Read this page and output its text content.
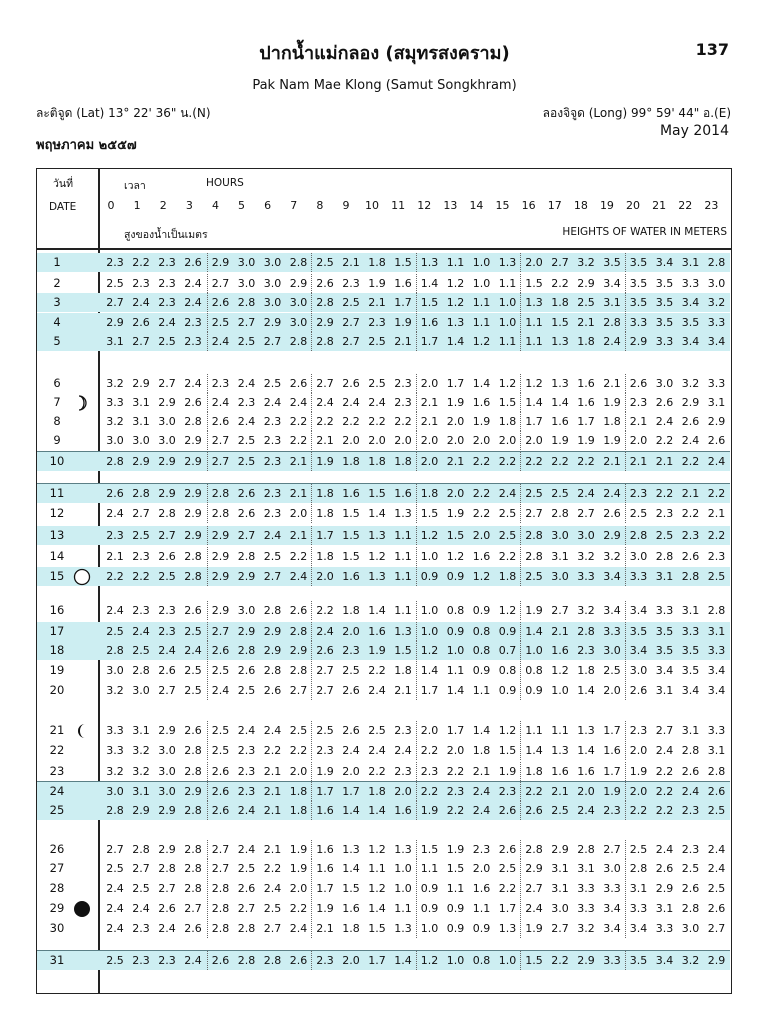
ปากน้ำแม่กลอง (สมุทรสงคราม)	137
Pak Nam Mae Klong (Samut Songkhram)
ละติจูด (Lat) 13° 22' 36" น.(N)	ลองจิจูด (Long) 99° 59' 44" อ.(E)
May 2014
พฤษภาคม ๒๕๕๗
วันที่
DATE
เวลา	HOURS
0	1	2	3	4	5	6	7	8	9	10	11	12	13	14	15	16	17	18	19	20	21	22	23
สูงของน้ำเป็นเมตร	HEIGHTS OF WATER IN METERS
1	2.3 2.2 2.3 2.6 2.9 3.0 3.0 2.8 2.5 2.1 1.8 1.5 1.3 1.1 1.0 1.3 2.0 2.7 3.2 3.5 3.5 3.4 3.1 2.8
2	2.5 2.3 2.3 2.4 2.7 3.0 3.0 2.9 2.6 2.3 1.9 1.6 1.4 1.2 1.0 1.1 1.5 2.2 2.9 3.4 3.5 3.5 3.3 3.0
3	2.7 2.4 2.3 2.4 2.6 2.8 3.0 3.0 2.8 2.5 2.1 1.7 1.5 1.2 1.1 1.0 1.3 1.8 2.5 3.1 3.5 3.5 3.4 3.2
4	2.9 2.6 2.4 2.3 2.5 2.7 2.9 3.0 2.9 2.7 2.3 1.9 1.6 1.3 1.1 1.0 1.1 1.5 2.1 2.8 3.3 3.5 3.5 3.3
5	3.1 2.7 2.5 2.3 2.4 2.5 2.7 2.8 2.8 2.7 2.5 2.1 1.7 1.4 1.2 1.1 1.1 1.3 1.8 2.4 2.9 3.3 3.4 3.4
6	3.2 2.9 2.7 2.4 2.3 2.4 2.5 2.6 2.7 2.6 2.5 2.3 2.0 1.7 1.4 1.2 1.2 1.3 1.6 2.1 2.6 3.0 3.2 3.3
7	3.3 3.1 2.9 2.6 2.4 2.3 2.4 2.4 2.4 2.4 2.4 2.3 2.1 1.9 1.6 1.5 1.4 1.4 1.6 1.9 2.3 2.6 2.9 3.1
8	3.2 3.1 3.0 2.8 2.6 2.4 2.3 2.2 2.2 2.2 2.2 2.2 2.1 2.0 1.9 1.8 1.7 1.6 1.7 1.8 2.1 2.4 2.6 2.9
9	3.0 3.0 3.0 2.9 2.7 2.5 2.3 2.2 2.1 2.0 2.0 2.0 2.0 2.0 2.0 2.0 2.0 1.9 1.9 1.9 2.0 2.2 2.4 2.6
10	2.8 2.9 2.9 2.9 2.7 2.5 2.3 2.1 1.9 1.8 1.8 1.8 2.0 2.1 2.2 2.2 2.2 2.2 2.2 2.1 2.1 2.1 2.2 2.4
11	2.6 2.8 2.9 2.9 2.8 2.6 2.3 2.1 1.8 1.6 1.5 1.6 1.8 2.0 2.2 2.4 2.5 2.5 2.4 2.4 2.3 2.2 2.1 2.2
12	2.4 2.7 2.8 2.9 2.8 2.6 2.3 2.0 1.8 1.5 1.4 1.3 1.5 1.9 2.2 2.5 2.7 2.8 2.7 2.6 2.5 2.3 2.2 2.1
13	2.3 2.5 2.7 2.9 2.9 2.7 2.4 2.1 1.7 1.5 1.3 1.1 1.2 1.5 2.0 2.5 2.8 3.0 3.0 2.9 2.8 2.5 2.3 2.2
14	2.1 2.3 2.6 2.8 2.9 2.8 2.5 2.2 1.8 1.5 1.2 1.1 1.0 1.2 1.6 2.2 2.8 3.1 3.2 3.2 3.0 2.8 2.6 2.3
15	2.2 2.2 2.5 2.8 2.9 2.9 2.7 2.4 2.0 1.6 1.3 1.1 0.9 0.9 1.2 1.8 2.5 3.0 3.3 3.4 3.3 3.1 2.8 2.5
16	2.4 2.3 2.3 2.6 2.9 3.0 2.8 2.6 2.2 1.8 1.4 1.1 1.0 0.8 0.9 1.2 1.9 2.7 3.2 3.4 3.4 3.3 3.1 2.8
17	2.5 2.4 2.3 2.5 2.7 2.9 2.9 2.8 2.4 2.0 1.6 1.3 1.0 0.9 0.8 0.9 1.4 2.1 2.8 3.3 3.5 3.5 3.3 3.1
18	2.8 2.5 2.4 2.4 2.6 2.8 2.9 2.9 2.6 2.3 1.9 1.5 1.2 1.0 0.8 0.7 1.0 1.6 2.3 3.0 3.4 3.5 3.5 3.3
19	3.0 2.8 2.6 2.5 2.5 2.6 2.8 2.8 2.7 2.5 2.2 1.8 1.4 1.1 0.9 0.8 0.8 1.2 1.8 2.5 3.0 3.4 3.5 3.4
20	3.2 3.0 2.7 2.5 2.4 2.5 2.6 2.7 2.7 2.6 2.4 2.1 1.7 1.4 1.1 0.9 0.9 1.0 1.4 2.0 2.6 3.1 3.4 3.4
21	3.3 3.1 2.9 2.6 2.5 2.4 2.4 2.5 2.5 2.6 2.5 2.3 2.0 1.7 1.4 1.2 1.1 1.1 1.3 1.7 2.3 2.7 3.1 3.3
22	3.3 3.2 3.0 2.8 2.5 2.3 2.2 2.2 2.3 2.4 2.4 2.4 2.2 2.0 1.8 1.5 1.4 1.3 1.4 1.6 2.0 2.4 2.8 3.1
23	3.2 3.2 3.0 2.8 2.6 2.3 2.1 2.0 1.9 2.0 2.2 2.3 2.3 2.2 2.1 1.9 1.8 1.6 1.6 1.7 1.9 2.2 2.6 2.8
24	3.0 3.1 3.0 2.9 2.6 2.3 2.1 1.8 1.7 1.7 1.8 2.0 2.2 2.3 2.4 2.3 2.2 2.1 2.0 1.9 2.0 2.2 2.4 2.6
25	2.8 2.9 2.9 2.8 2.6 2.4 2.1 1.8 1.6 1.4 1.4 1.6 1.9 2.2 2.4 2.6 2.6 2.5 2.4 2.3 2.2 2.2 2.3 2.5
26	2.7 2.8 2.9 2.8 2.7 2.4 2.1 1.9 1.6 1.3 1.2 1.3 1.5 1.9 2.3 2.6 2.8 2.9 2.8 2.7 2.5 2.4 2.3 2.4
27	2.5 2.7 2.8 2.8 2.7 2.5 2.2 1.9 1.6 1.4 1.1 1.0 1.1 1.5 2.0 2.5 2.9 3.1 3.1 3.0 2.8 2.6 2.5 2.4
28	2.4 2.5 2.7 2.8 2.8 2.6 2.4 2.0 1.7 1.5 1.2 1.0 0.9 1.1 1.6 2.2 2.7 3.1 3.3 3.3 3.1 2.9 2.6 2.5
29	2.4 2.4 2.6 2.7 2.8 2.7 2.5 2.2 1.9 1.6 1.4 1.1 0.9 0.9 1.1 1.7 2.4 3.0 3.3 3.4 3.3 3.1 2.8 2.6
30	2.4 2.3 2.4 2.6 2.8 2.8 2.7 2.4 2.1 1.8 1.5 1.3 1.0 0.9 0.9 1.3 1.9 2.7 3.2 3.4 3.4 3.3 3.0 2.7
31	2.5 2.3 2.3 2.4 2.6 2.8 2.8 2.6 2.3 2.0 1.7 1.4 1.2 1.0 0.8 1.0 1.5 2.2 2.9 3.3 3.5 3.4 3.2 2.9
